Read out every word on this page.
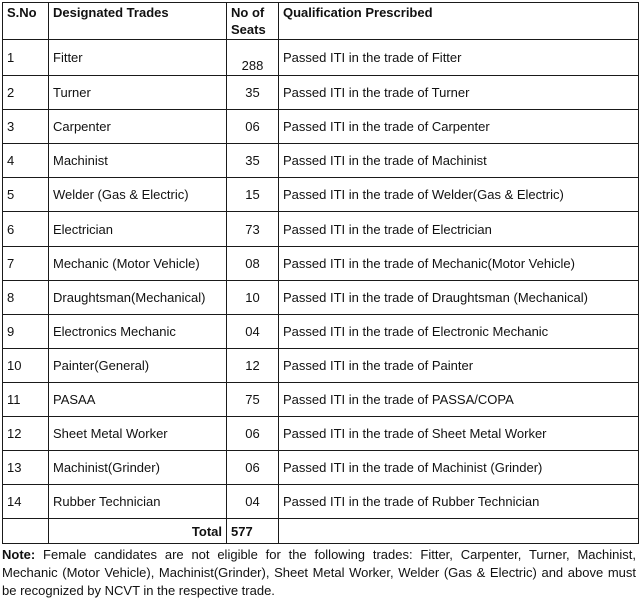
S.No	Designated Trades	No of Seats	Qualification Prescribed
1	Fitter	288	Passed ITI in the trade of Fitter
2	Turner	35	Passed ITI in the trade of Turner
3	Carpenter	06	Passed ITI in the trade of Carpenter
4	Machinist	35	Passed ITI in the trade of Machinist
5	Welder (Gas & Electric)	15	Passed ITI in the trade of Welder(Gas & Electric)
6	Electrician	73	Passed ITI in the trade of Electrician
7	Mechanic (Motor Vehicle)	08	Passed ITI in the trade of Mechanic(Motor Vehicle)
8	Draughtsman(Mechanical)	10	Passed ITI in the trade of Draughtsman (Mechanical)
9	Electronics Mechanic	04	Passed ITI in the trade of Electronic Mechanic
10	Painter(General)	12	Passed ITI in the trade of Painter
11	PASAA	75	Passed ITI in the trade of PASSA/COPA
12	Sheet Metal Worker	06	Passed ITI in the trade of Sheet Metal Worker
13	Machinist(Grinder)	06	Passed ITI in the trade of Machinist (Grinder)
14	Rubber Technician	04	Passed ITI in the trade of Rubber Technician
	Total	577	
Note: Female candidates are not eligible for the following trades: Fitter, Carpenter, Turner, Machinist, Mechanic (Motor Vehicle), Machinist(Grinder), Sheet Metal Worker, Welder (Gas & Electric) and above must be recognized by NCVT in the respective trade.
